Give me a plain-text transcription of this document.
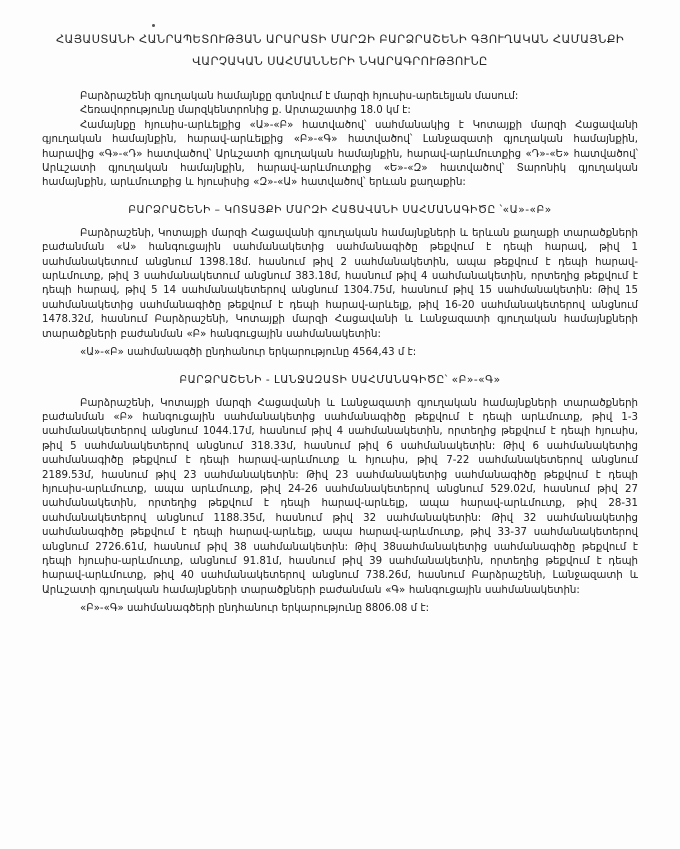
ՀԱՅԱՍՏԱՆԻ ՀԱՆՐԱՊԵՏՈՒԹՅԱՆ ԱՐԱՐԱՏԻ ՄԱՐԶԻ ԲԱՐՁՐԱՇԵՆԻ ԳՅՈՒՂԱԿԱՆ ՀԱՄԱՅՆՔԻ
ՎԱՐՉԱԿԱՆ ՍԱՀՄԱՆՆԵՐԻ ՆԿԱՐԱԳՐՈՒԹՅՈՒՆԸ

Բարձրաշենի գյուղական համայնքը գտնվում է մարզի հյուսիս-արեւելյան մասում:

Հեռավորությունը մարզկենտրոնից ք. Արտաշատից 18.0 կմ է:

Համայնքը հյուսիս-արևելքից «Ա»-«Բ» հատվածով՝ սահմանակից է Կոտայքի մարզի Հացավանի գյուղական համայնքին, հարավ-արևելքից «Բ»-«Գ» հատվածով՝ Լանջազատի գյուղական համայնքին, հարավից «Գ»-«Դ» հատվածով՝ Արևշատի գյուղական համայնքին, հարավ-արևմուտքից «Դ»-«Ե» հատվածով՝ Արևշատի գյուղական համայնքին, հարավ-արևմուտքից «Ե»-«Զ» հատվածով՝ Տարոնիկ գյուղական համայնքին, արևմուտքից և հյուսիսից «Զ»-«Ա» հատվածով՝ երևան քաղաքին:

ԲԱՐՁՐԱՇԵՆԻ – ԿՈՏԱՅՔԻ ՄԱՐԶԻ ՀԱՑԱՎԱՆԻ ՍԱՀՄԱՆԱԳԻԾԸ ՝«Ա»-«Բ»

Բարձրաշենի, Կոտայքի մարզի Հացավանի գյուղական համայնքների և երևան քաղաքի տարածքների բաժանման «Ա» հանգուցային սահմանակետից սահմանագիծը թեքվում է դեպի հարավ, թիվ 1 սահմանակետում անցնում 1398.18մ. հասնում թիվ 2 սահմանակետին, ապա թեքվում է դեպի հարավ-արևմուտք, թիվ 3 սահմանակետում անցնում 383.18մ, հասնում թիվ 4 սահմանակետին, որտեղից թեքվում է դեպի հարավ, թիվ 5 14 սահմանակետերով անցնում 1304.75մ, հասնում թիվ 15 սահմանակետին: Թիվ 15 սահմանակետից սահմանագիծը թեքվում է դեպի հարավ-արևելք, թիվ 16-20 սահմանակետերով անցնում 1478.32մ, հասնում Բարձրաշենի, Կոտայքի մարզի Հացավանի և Լանջազատի գյուղական համայնքների տարածքների բաժանման «Բ» հանգուցային սահմանակետին:

«Ա»-«Բ» սահմանագծի ընդհանուր երկարությունը 4564,43 մ է:

ԲԱՐՁՐԱՇԵՆԻ - ԼԱՆՋԱԶԱՏԻ ՍԱՀՄԱՆԱԳԻԾԸ՝ «Բ»-«Գ»

Բարձրաշենի, Կոտայքի մարզի Հացավանի և Լանջազատի գյուղական համայնքների տարածքների բաժանման «Բ» հանգուցային սահմանակետից սահմանագիծը թեքվում է դեպի արևմուտք, թիվ 1-3 սահմանակետերով անցնում 1044.17մ, հասնում թիվ 4 սահմանակետին, որտեղից թեքվում է դեպի հյուսիս, թիվ 5 սահմանակետերով անցնում 318.33մ, հասնում թիվ 6 սահմանակետին: Թիվ 6 սահմանակետից սահմանագիծը թեքվում է դեպի հարավ-արևմուտք և հյուսիս, թիվ 7-22 սահմանակետերով անցնում 2189.53մ, հասնում թիվ 23 սահմանակետին: Թիվ 23 սահմանակետից սահմանագիծը թեքվում է դեպի հյուսիս-արևմուտք, ապա արևմուտք, թիվ 24-26 սահմանակետերով անցնում 529.02մ, հասնում թիվ 27 սահմանակետին, որտեղից թեքվում է դեպի հարավ-արևելք, ապա հարավ-արևմուտք, թիվ 28-31 սահմանակետերով անցնում 1188.35մ, հասնում թիվ 32 սահմանակետին: Թիվ 32 սահմանակետից սահմանագիծը թեքվում է դեպի հարավ-արևելք, ապա հարավ-արևմուտք, թիվ 33-37 սահմանակետերով անցնում 2726.61մ, հասնում թիվ 38 սահմանակետին: Թիվ 38սահմանակետից սահմանագիծը թեքվում է դեպի հյուսիս-արևմուտք, անցնում 91.81մ, հասնում թիվ 39 սահմանակետին, որտեղից թեքվում է դեպի հարավ-արևմուտք, թիվ 40 սահմանակետերով անցնում 738.26մ, հասնում Բարձրաշենի, Լանջազատի և Արևշատի գյուղական համայնքների տարածքների բաժանման «Գ» հանգուցային սահմանակետին:

«Բ»-«Գ» սահմանագծերի ընդհանուր երկարությունը 8806.08 մ է:
